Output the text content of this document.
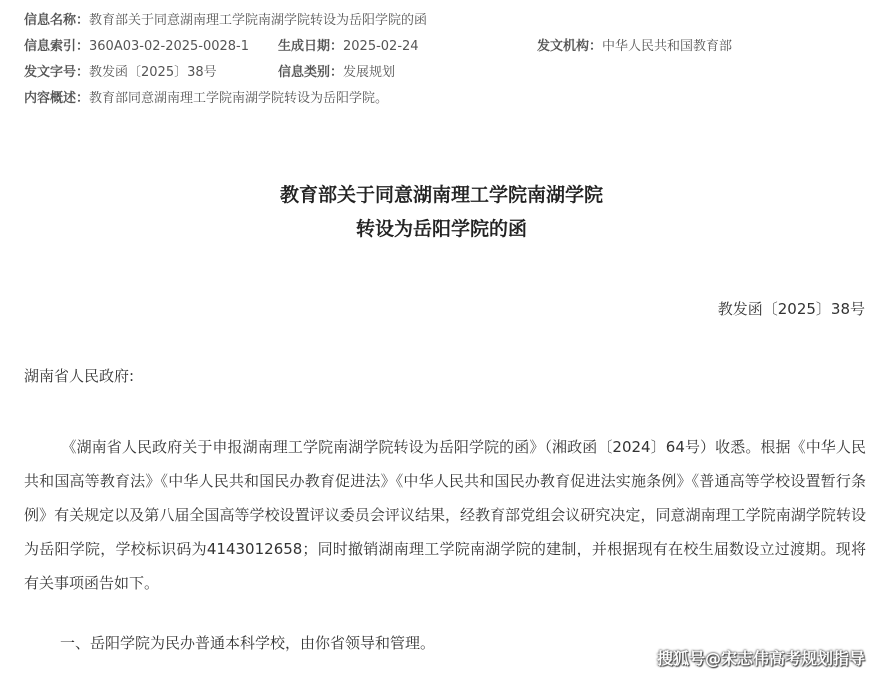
信息名称：教育部关于同意湖南理工学院南湖学院转设为岳阳学院的函
信息索引：360A03-02-2025-0028-1 生成日期：2025-02-24	发文机构：中华人民共和国教育部
发文字号：教发函〔2025〕38号	信息类别：发展规划
内容概述：教育部同意湖南理工学院南湖学院转设为岳阳学院。
教育部关于同意湖南理工学院南湖学院
转设为岳阳学院的函
教发函〔2025〕38号
湖南省人民政府:

《湖南省人民政府关于申报湖南理工学院南湖学院转设为岳阳学院的函》（湘政函〔2024〕64号）收悉。根据《中华人民共和国高等教育法》《中华人民共和国民办教育促进法》《中华人民共和国民办教育促进法实施条例》《普通高等学校设置暂行条例》有关规定以及第八届全国高等学校设置评议委员会评议结果，经教育部党组会议研究决定，同意湖南理工学院南湖学院转设为岳阳学院，学校标识码为4143012658；同时撤销湖南理工学院南湖学院的建制，并根据现有在校生届数设立过渡期。现将有关事项函告如下。

一、岳阳学院为民办普通本科学校，由你省领导和管理。
搜狐号@宋志伟高考规划指导
